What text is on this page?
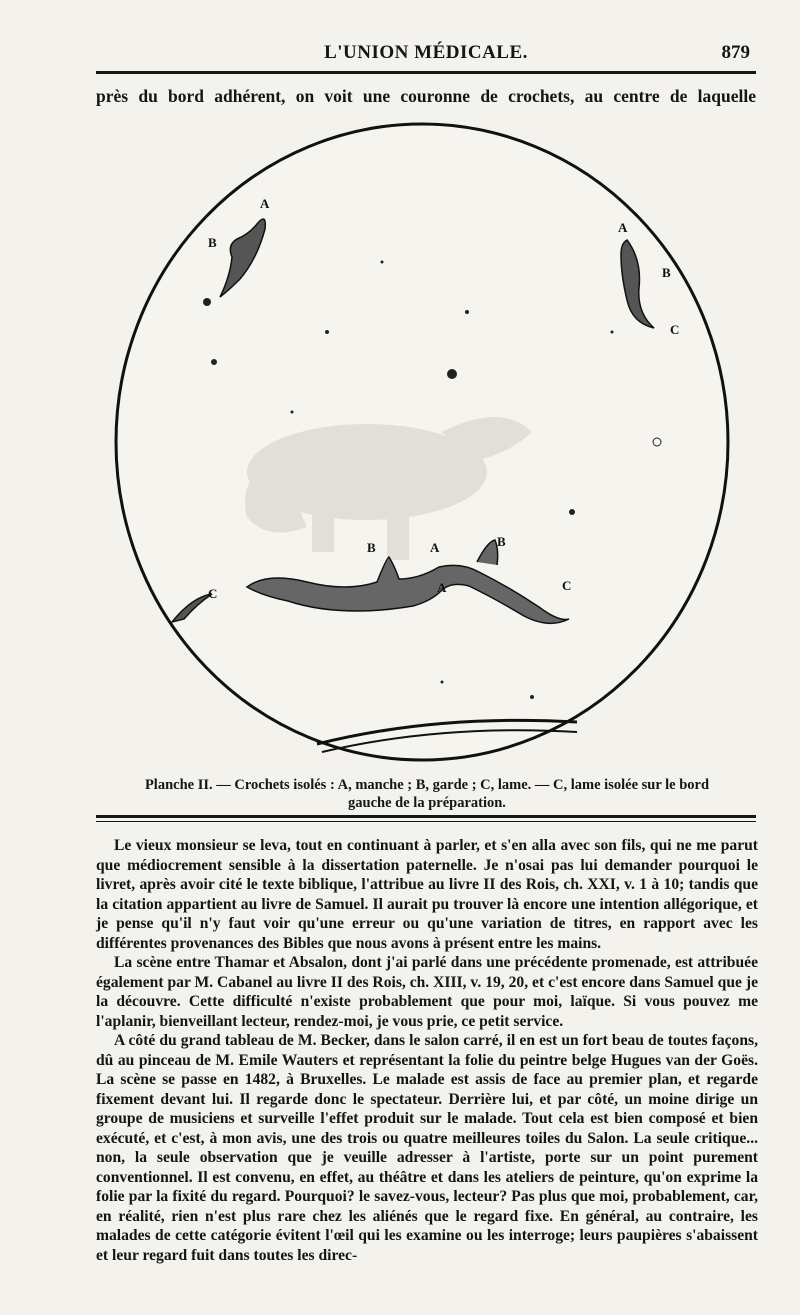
L'UNION MÉDICALE.	879
près du bord adhérent, on voit une couronne de crochets, au centre de laquelle
A
B
A
B
C
B	A	B
A	C
C
Planche II. — Crochets isolés : A, manche ; B, garde ; C, lame. — C, lame isolée sur le bord
gauche de la préparation.

Le vieux monsieur se leva, tout en continuant à parler, et s'en alla avec son fils, qui ne me parut que médiocrement sensible à la dissertation paternelle. Je n'osai pas lui demander pourquoi le livret, après avoir cité le texte biblique, l'attribue au livre II des Rois, ch. XXI, v. 1 à 10; tandis que la citation appartient au livre de Samuel. Il aurait pu trouver là encore une intention allégorique, et je pense qu'il n'y faut voir qu'une erreur ou qu'une variation de titres, en rapport avec les différentes provenances des Bibles que nous avons à présent entre les mains.

La scène entre Thamar et Absalon, dont j'ai parlé dans une précédente promenade, est attribuée également par M. Cabanel au livre II des Rois, ch. XIII, v. 19, 20, et c'est encore dans Samuel que je la découvre. Cette difficulté n'existe probablement que pour moi, laïque. Si vous pouvez me l'aplanir, bienveillant lecteur, rendez-moi, je vous prie, ce petit service.

A côté du grand tableau de M. Becker, dans le salon carré, il en est un fort beau de toutes façons, dû au pinceau de M. Emile Wauters et représentant la folie du peintre belge Hugues van der Goës. La scène se passe en 1482, à Bruxelles. Le malade est assis de face au premier plan, et regarde fixement devant lui. Il regarde donc le spectateur. Derrière lui, et par côté, un moine dirige un groupe de musiciens et surveille l'effet produit sur le malade. Tout cela est bien composé et bien exécuté, et c'est, à mon avis, une des trois ou quatre meilleures toiles du Salon. La seule critique... non, la seule observation que je veuille adresser à l'artiste, porte sur un point purement conventionnel. Il est convenu, en effet, au théâtre et dans les ateliers de peinture, qu'on exprime la folie par la fixité du regard. Pourquoi? le savez-vous, lecteur? Pas plus que moi, probablement, car, en réalité, rien n'est plus rare chez les aliénés que le regard fixe. En général, au contraire, les malades de cette catégorie évitent l'œil qui les examine ou les interroge; leurs paupières s'abaissent et leur regard fuit dans toutes les direc-
